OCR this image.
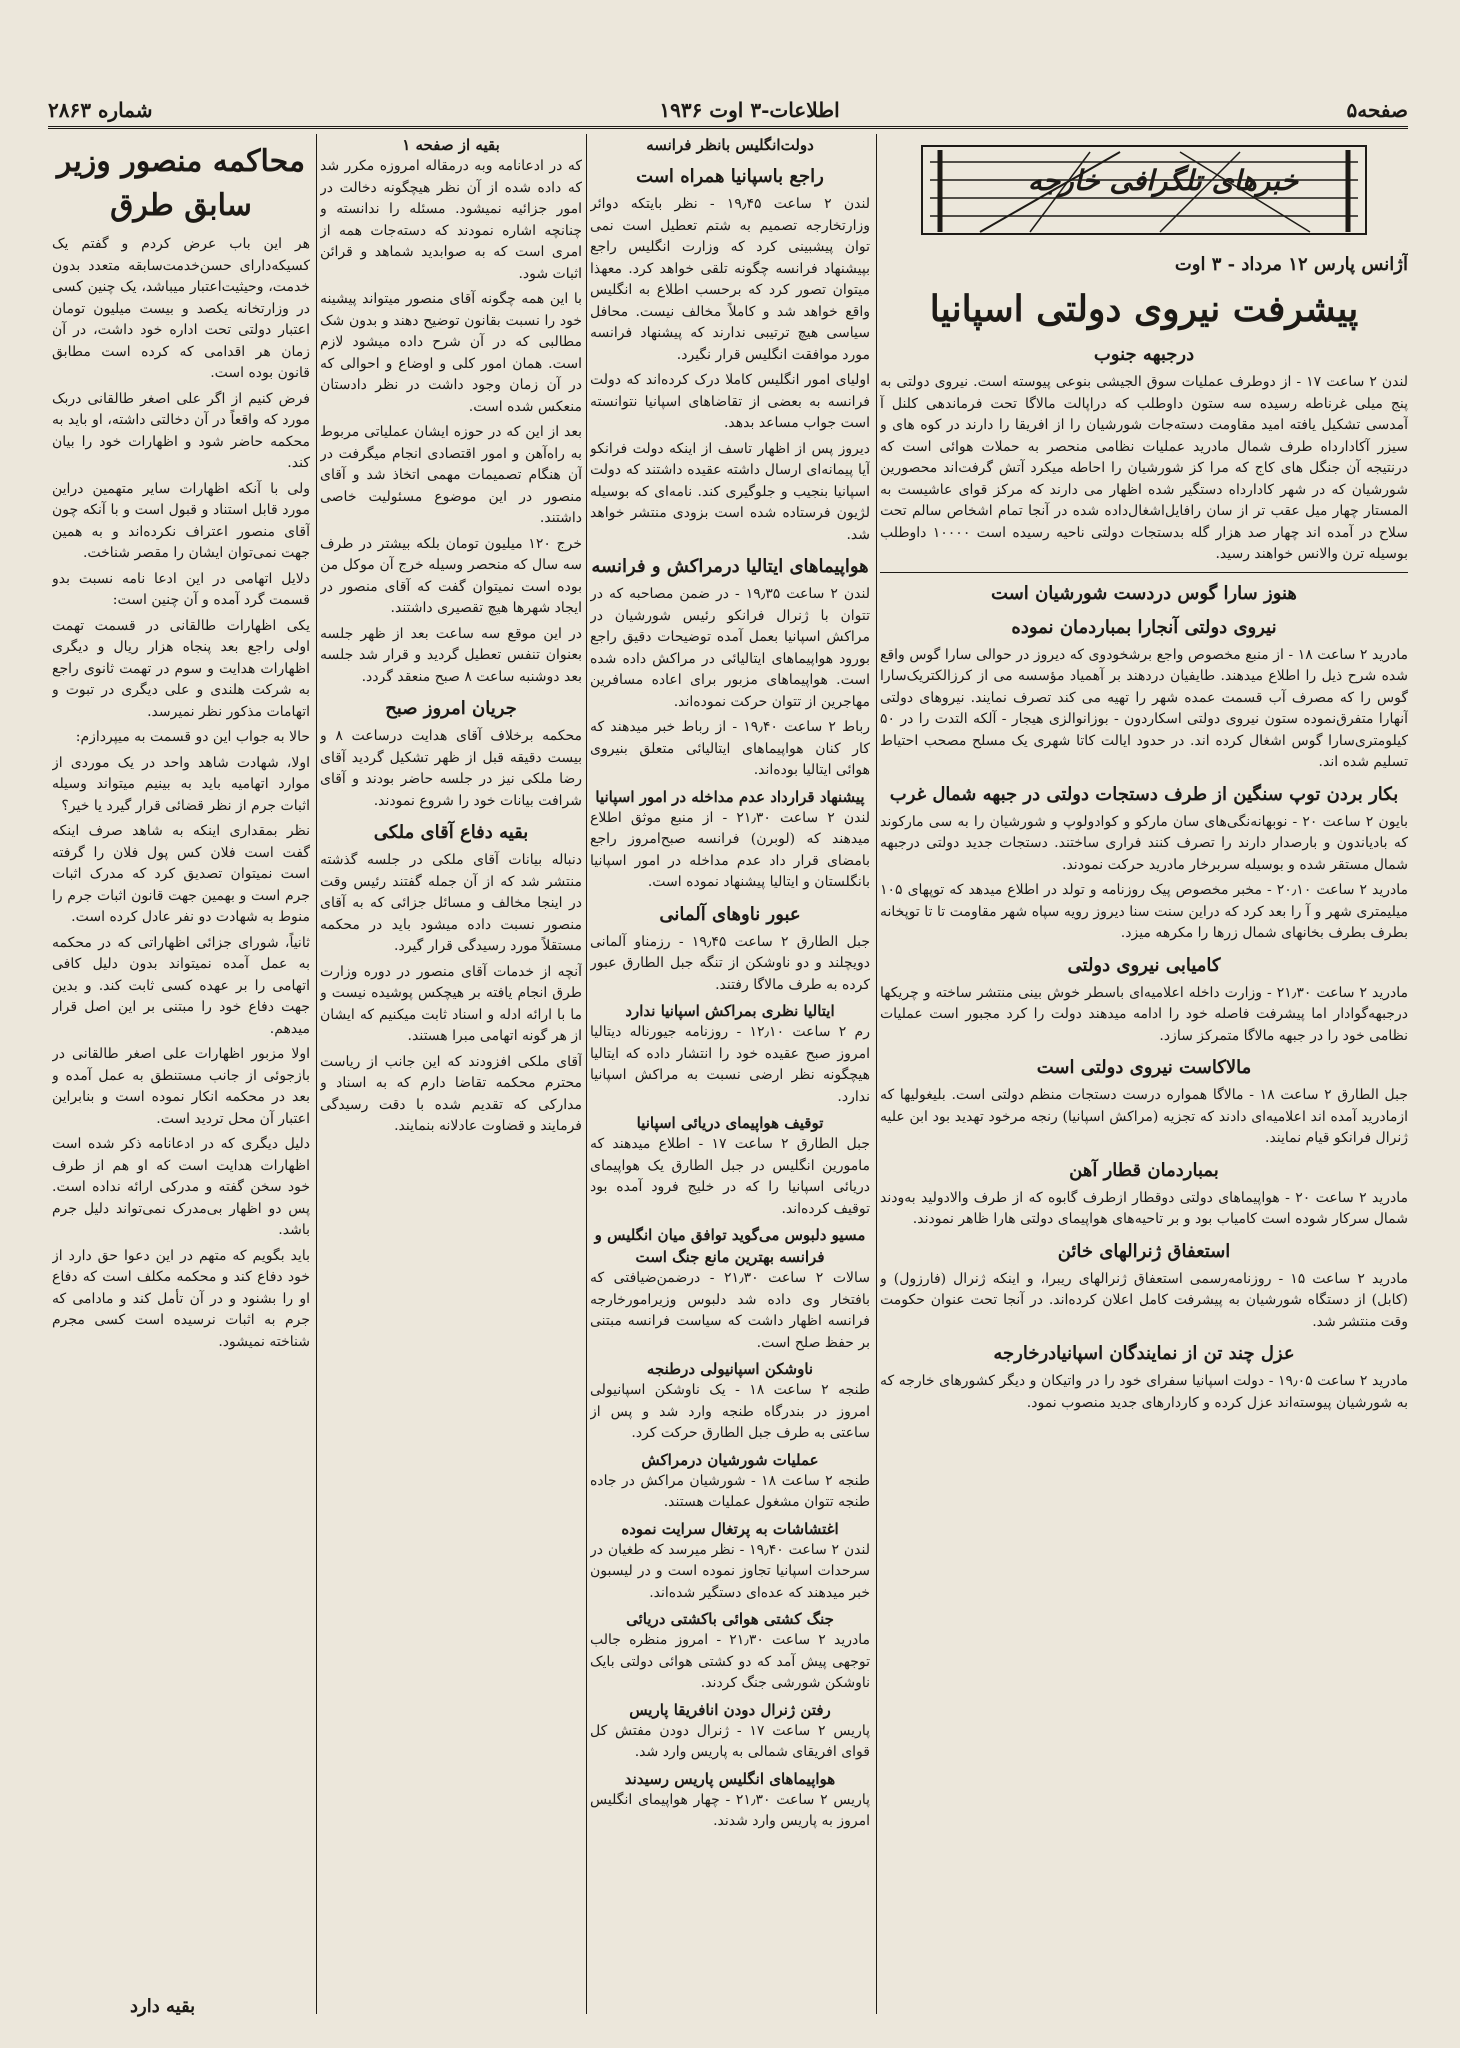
صفحه۵
اطلاعات-۳ اوت ۱۹۳۶
شماره ۲۸۶۳
خبرهای تلگرافی خارجه
آژانس پارس ۱۲ مرداد - ۳ اوت
پیشرفت نیروی دولتی اسپانیا
درجبهه جنوب

لندن ۲ ساعت ۱۷ - از دوطرف عملیات سوق الجیشی بنوعی پیوسته است. نیروی دولتی به پنج میلی غرناطه رسیده سه ستون داوطلب که دراپالت مالاگا تحت فرماندهی کلنل آ آمدسی تشکیل یافته امید مقاومت دسته‌جات شورشیان را از افریقا را دارند در کوه های و سیزر آکادارداه طرف شمال مادرید عملیات نظامی منحصر به حملات هوائی است که درنتیجه آن جنگل های کاج که مرا کز شورشیان را احاطه میکرد آتش گرفت‌اند محصورین شورشیان که در شهر کادارداه دستگیر شده اظهار می دارند که مرکز قوای عاشیست به المستار چهار میل عقب تر از سان رافایل‌اشغال‌داده شده در آنجا تمام اشخاص سالم تحت سلاح در آمده اند چهار صد هزار گله بدستجات دولتی ناحیه رسیده است ۱۰۰۰۰ داوطلب بوسیله ترن والانس خواهند رسید.

هنوز سارا گوس دردست شورشیان است
نیروی دولتی آنجارا بمباردمان نموده

مادرید ۲ ساعت ۱۸ - از منبع مخصوص واجع برشخودوی که دیروز در حوالی سارا گوس واقع شده شرح ذیل را اطلاع میدهند. طایفیان دردهند بر آهمیاد مؤسسه می از کرزالکتریک‌سارا گوس را که مصرف آب قسمت عمده شهر را تهیه می کند تصرف نمایند. نیروهای دولتی آنهارا متفرق‌نموده ستون نیروی دولتی اسکاردون - بوزانوالزی هیجار - آلکه التدت را در ۵۰ کیلومتری‌سارا گوس اشغال کرده اند. در حدود ایالت کاتا شهری یک مسلح مصحب احتیاط تسلیم شده اند.

بکار بردن توپ سنگین از طرف دستجات دولتی در جبهه شمال غرب

بایون ۲ ساعت ۲۰ - نوبهانه‌نگی‌های سان مارکو و کوادولوپ و شورشیان را به سی مارکوند که بادیاندون و بارصدار دارند را تصرف کنند فراری ساختند. دستجات جدید دولتی درجبهه شمال مستقر شده و بوسیله سربرخار مادرید حرکت نمودند.

مادرید ۲ ساعت ۲۰٫۱۰ - مخبر مخصوص پیک روزنامه و تولد در اطلاع میدهد که توپهای ۱۰۵ میلیمتری شهر و آ را بعد کرد که دراین سنت سنا دیروز رویه سپاه شهر مقاومت تا تا توپخانه بطرف بطرف بخانهای شمال زرها را مکرهه میزد.

کامیابی نیروی دولتی

مادرید ۲ ساعت ۲۱٫۳۰ - وزارت داخله اعلامیه‌ای باسطر خوش بینی منتشر ساخته و چریکها درجبهه‌گوادار اما پیشرفت فاصله خود را ادامه میدهند دولت را کرد مجبور است عملیات نظامی خود را در جبهه مالاگا متمرکز سازد.

مالاکاست نیروی دولتی است

جبل الطارق ۲ ساعت ۱۸ - مالاگا همواره درست دستجات منظم دولتی است. بلیغولیها که ازمادرید آمده اند اعلامیه‌ای دادند که تجزیه (مراکش اسپانیا) رنجه مرخود تهدید بود ابن علیه ژنرال فرانکو قیام نمایند.

بمباردمان قطار آهن

مادرید ۲ ساعت ۲۰ - هواپیماهای دولتی دوقطار ازطرف گابوه که از طرف والادولید به‌ودند شمال سرکار شوده است کامیاب بود و بر تاحیه‌های هواپیمای دولتی هارا ظاهر نمودند.

استعفاق ژنرالهای خائن

مادرید ۲ ساعت ۱۵ - روزنامه‌رسمی استعفاق ژنرالهای ریبرا، و اینکه ژنرال (فارزول) و (کابل) از دستگاه شورشیان به پیشرفت کامل اعلان کرده‌اند. در آنجا تحت عنوان حکومت وقت منتشر شد.

عزل چند تن از نمایندگان اسپانیادرخارجه

مادرید ۲ ساعت ۱۹٫۰۵ - دولت اسپانیا سفرای خود را در واتیکان و دیگر کشورهای خارجه که به شورشیان پیوسته‌اند عزل کرده و کاردارهای جدید منصوب نمود.

دولت‌انگلیس بانظر فرانسه
راجع باسپانیا همراه است

لندن ۲ ساعت ۱۹٫۴۵ - نظر بایتکه دوائر وزارتخارجه تصمیم به شتم تعطیل است نمی توان پیشبینی کرد که وزارت انگلیس راجع بپیشنهاد فرانسه چگونه تلقی خواهد کرد. معهذا میتوان تصور کرد که برحسب اطلاع به انگلیس واقع خواهد شد و کاملاً مخالف نیست. محافل سیاسی هیچ ترتیبی ندارند که پیشنهاد فرانسه مورد موافقت انگلیس قرار نگیرد.

اولیای امور انگلیس کاملا درک کرده‌اند که دولت فرانسه به بعضی از تقاضاهای اسپانیا نتوانسته است جواب مساعد بدهد.

دیروز پس از اظهار تاسف از اینکه دولت فرانکو آیا پیمانه‌ای ارسال داشته عقیده داشتند که دولت اسپانیا بنجیب و جلوگیری کند. نامه‌ای که بوسیله لژیون فرستاده شده است بزودی منتشر خواهد شد.

هواپیماهای ایتالیا درمراکش و فرانسه

لندن ۲ ساعت ۱۹٫۳۵ - در ضمن مصاحبه که در تتوان با ژنرال فرانکو رئیس شورشیان در مراکش اسپانیا بعمل آمده توضیحات دقیق راجع بورود هواپیماهای ایتالیائی در مراکش داده شده است. هواپیماهای مزبور برای اعاده مسافرین مهاجرین از تتوان حرکت نموده‌اند.

رباط ۲ ساعت ۱۹٫۴۰ - از رباط خبر میدهند که کار کنان هواپیماهای ایتالیائی متعلق بنیروی هوائی ایتالیا بوده‌اند.

پیشنهاد قرارداد عدم مداخله در امور اسپانیا

لندن ۲ ساعت ۲۱٫۳۰ - از منبع موثق اطلاع میدهند که (لوبرن) فرانسه صبح‌امروز راجع بامضای قرار داد عدم مداخله در امور اسپانیا بانگلستان و ایتالیا پیشنهاد نموده است.

عبور ناوهای آلمانی

جبل الطارق ۲ ساعت ۱۹٫۴۵ - رزمناو آلمانی دویچلند و دو ناوشکن از تنگه جبل الطارق عبور کرده به طرف مالاگا رفتند.

ایتالیا نظری بمراکش اسپانیا ندارد

رم ۲ ساعت ۱۲٫۱۰ - روزنامه جیورناله دیتالیا امروز صبح عقیده خود را انتشار داده که ایتالیا هیچگونه نظر ارضی نسبت به مراکش اسپانیا ندارد.

توقیف هواپیمای دریائی اسپانیا

جبل الطارق ۲ ساعت ۱۷ - اطلاع میدهند که مامورین انگلیس در جبل الطارق یک هواپیمای دریائی اسپانیا را که در خلیج فرود آمده بود توقیف کرده‌اند.

مسیو دلبوس می‌گوید توافق میان انگلیس و فرانسه بهترین مانع جنگ است

سالات ۲ ساعت ۲۱٫۳۰ - درضمن‌ضیافتی که بافتخار وی داده شد دلبوس وزیرامورخارجه فرانسه اظهار داشت که سیاست فرانسه مبتنی بر حفظ صلح است.

ناوشکن اسپانیولی درطنجه

طنجه ۲ ساعت ۱۸ - یک ناوشکن اسپانیولی امروز در بندرگاه طنجه وارد شد و پس از ساعتی به طرف جبل الطارق حرکت کرد.

عملیات شورشیان درمراکش

طنجه ۲ ساعت ۱۸ - شورشیان مراکش در جاده طنجه تتوان مشغول عملیات هستند.

اغتشاشات به پرتغال سرایت نموده

لندن ۲ ساعت ۱۹٫۴۰ - نظر میرسد که طغیان در سرحدات اسپانیا تجاوز نموده است و در لیسبون خبر میدهند که عده‌ای دستگیر شده‌اند.

جنگ کشتی هوائی باکشتی دریائی

مادرید ۲ ساعت ۲۱٫۳۰ - امروز منظره جالب توجهی پیش آمد که دو کشتی هوائی دولتی بایک ناوشکن شورشی جنگ کردند.

رفتن ژنرال دودن انافریقا پاریس

پاریس ۲ ساعت ۱۷ - ژنرال دودن مفتش کل قوای افریقای شمالی به پاریس وارد شد.

هواپیماهای انگلیس پاریس رسیدند

پاریس ۲ ساعت ۲۱٫۳۰ - چهار هواپیمای انگلیس امروز به پاریس وارد شدند.

بقیه از صفحه ۱

که در ادعانامه وبه درمقاله امروزه مکرر شد که داده شده از آن نظر هیچگونه دخالت در امور جزائیه نمیشود. مسئله را ندانسته و چنانچه اشاره نمودند که دسته‌جات همه از امری است که به صوابدید شماهد و قرائن اثبات شود.

با این همه چگونه آقای منصور میتواند پیشینه خود را نسبت بقانون توضیح دهند و بدون شک مطالبی که در آن شرح داده میشود لازم است. همان امور کلی و اوضاع و احوالی که در آن زمان وجود داشت در نظر دادستان منعکس شده است.

بعد از این که در حوزه ایشان عملیاتی مربوط به راه‌آهن و امور اقتصادی انجام میگرفت در آن هنگام تصمیمات مهمی اتخاذ شد و آقای منصور در این موضوع مسئولیت خاصی داشتند.

خرج ۱۲۰ میلیون تومان بلکه بیشتر در طرف سه سال که منحصر وسیله خرج آن موکل من بوده است نمیتوان گفت که آقای منصور در ایجاد شهرها هیچ تقصیری داشتند.

در این موقع سه ساعت بعد از ظهر جلسه بعنوان تنفس تعطیل گردید و قرار شد جلسه بعد دوشنبه ساعت ۸ صبح منعقد گردد.

جریان امروز صبح

محکمه برخلاف آقای هدایت درساعت ۸ و بیست دقیقه قبل از ظهر تشکیل گردید آقای رضا ملکی نیز در جلسه حاضر بودند و آقای شرافت بیانات خود را شروع نمودند.

بقیه دفاع آقای ملکی

دنباله بیانات آقای ملکی در جلسه گذشته منتشر شد که از آن جمله گفتند رئیس وقت در اینجا مخالف و مسائل جزائی که به آقای منصور نسبت داده میشود باید در محکمه مستقلاً مورد رسیدگی قرار گیرد.

آنچه از خدمات آقای منصور در دوره وزارت طرق انجام یافته بر هیچکس پوشیده نیست و ما با ارائه ادله و اسناد ثابت میکنیم که ایشان از هر گونه اتهامی مبرا هستند.

آقای ملکی افزودند که این جانب از ریاست محترم محکمه تقاضا دارم که به اسناد و مدارکی که تقدیم شده با دقت رسیدگی فرمایند و قضاوت عادلانه بنمایند.

محاکمه منصور وزیر سابق طرق

هر این باب عرض کردم و گفتم یک کسیکه‌دارای حسن‌خدمت‌سابقه متعدد بدون خدمت، وحیثیت‌اعتبار میباشد، یک چنین کسی در وزارتخانه یکصد و بیست میلیون تومان اعتبار دولتی تحت اداره خود داشت، در آن زمان هر اقدامی که کرده است مطابق قانون بوده است.

فرض کنیم از اگر علی اصغر طالقانی دربک مورد که واقعاً در آن دخالتی داشته، او باید به محکمه حاضر شود و اظهارات خود را بیان کند.

ولی با آنکه اظهارات سایر متهمین دراین مورد قابل استناد و قبول است و با آنکه چون آقای منصور اعتراف نکرده‌اند و به همین جهت نمی‌توان ایشان را مقصر شناخت.

دلایل اتهامی در این ادعا نامه نسبت بدو قسمت گرد آمده و آن چنین است:

یکی اظهارات طالقانی در قسمت تهمت اولی راجع بعد پنجاه هزار ریال و دیگری اظهارات هدایت و سوم در تهمت ثانوی راجع به شرکت هلندی و علی دیگری در تبوت و اتهامات مذکور نظر نمیرسد.

حالا به جواب این دو قسمت به میپردازم:

اولا، شهادت شاهد واحد در یک موردی از موارد اتهامیه باید به بینیم میتواند وسیله اثبات جرم از نظر قضائی قرار گیرد یا خیر؟

نظر بمقداری اینکه به شاهد صرف اینکه گفت است فلان کس پول فلان را گرفته است نمیتوان تصدیق کرد که مدرک اثبات جرم است و بهمین جهت قانون اثبات جرم را منوط به شهادت دو نفر عادل کرده است.

ثانیاً، شورای جزائی اظهاراتی که در محکمه به عمل آمده نمیتواند بدون دلیل کافی اتهامی را بر عهده کسی ثابت کند. و بدین جهت دفاع خود را مبتنی بر این اصل قرار میدهم.

اولا مزبور اظهارات علی اصغر طالقانی در بازجوئی از جانب مستنطق به عمل آمده و بعد در محکمه انکار نموده است و بنابراین اعتبار آن محل تردید است.

دلیل دیگری که در ادعانامه ذکر شده است اظهارات هدایت است که او هم از طرف خود سخن گفته و مدرکی ارائه نداده است. پس دو اظهار بی‌مدرک نمی‌تواند دلیل جرم باشد.

باید بگویم که متهم در این دعوا حق دارد از خود دفاع کند و محکمه مکلف است که دفاع او را بشنود و در آن تأمل کند و مادامی که جرم به اثبات نرسیده است کسی مجرم شناخته نمیشود.

بقیه دارد
